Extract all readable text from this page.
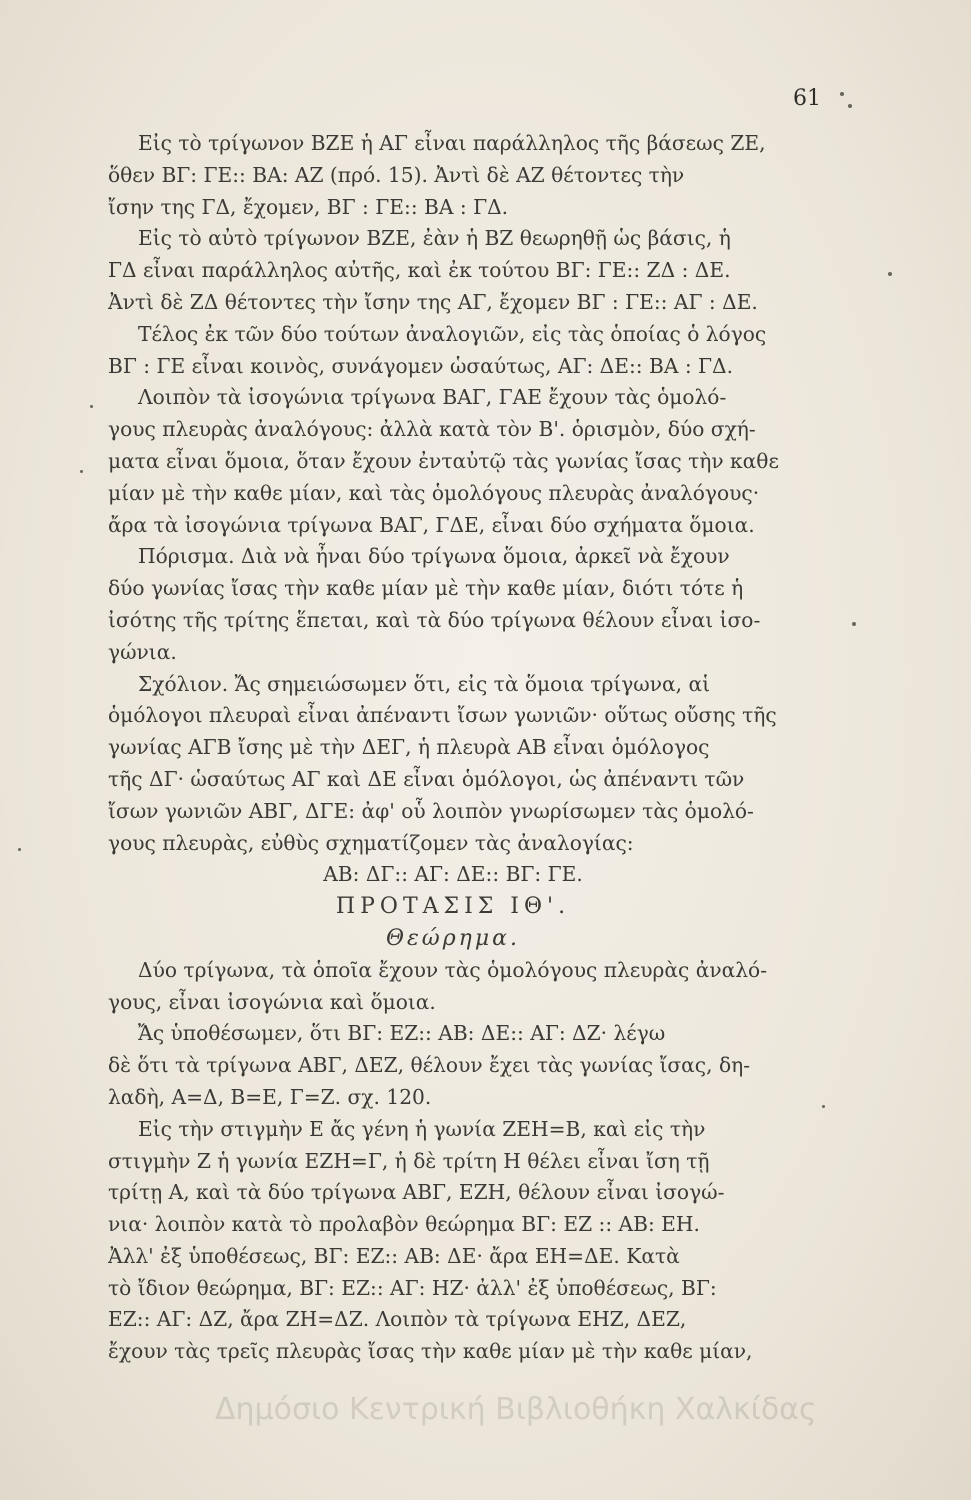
61
Εἰς τὸ τρίγωνον ΒΖΕ ἡ ΑΓ εἶναι παράλληλος τῆς βάσεως ΖΕ,
ὅθεν ΒΓ: ΓΕ:: ΒΑ: ΑΖ (πρό. 15). Ἀντὶ δὲ ΑΖ θέτοντες τὴν
ἴσην της ΓΔ, ἔχομεν, ΒΓ : ΓΕ:: ΒΑ : ΓΔ.
Εἰς τὸ αὐτὸ τρίγωνον ΒΖΕ, ἐὰν ἡ ΒΖ θεωρηθῇ ὡς βάσις, ἡ
ΓΔ εἶναι παράλληλος αὐτῆς, καὶ ἐκ τούτου ΒΓ: ΓΕ:: ΖΔ : ΔΕ.
Ἀντὶ δὲ ΖΔ θέτοντες τὴν ἴσην της ΑΓ, ἔχομεν ΒΓ : ΓΕ:: ΑΓ : ΔΕ.
Τέλος ἐκ τῶν δύο τούτων ἀναλογιῶν, εἰς τὰς ὁποίας ὁ λόγος
ΒΓ : ΓΕ εἶναι κοινὸς, συνάγομεν ὡσαύτως, ΑΓ: ΔΕ:: ΒΑ : ΓΔ.
Λοιπὸν τὰ ἰσογώνια τρίγωνα ΒΑΓ, ΓΑΕ ἔχουν τὰς ὁμολό-
γους πλευρὰς ἀναλόγους: ἀλλὰ κατὰ τὸν Β'. ὁρισμὸν, δύο σχή-
ματα εἶναι ὅμοια, ὅταν ἔχουν ἐνταὐτῷ τὰς γωνίας ἴσας τὴν καθε
μίαν μὲ τὴν καθε μίαν, καὶ τὰς ὁμολόγους πλευρὰς ἀναλόγους·
ἄρα τὰ ἰσογώνια τρίγωνα ΒΑΓ, ΓΔΕ, εἶναι δύο σχήματα ὅμοια.
Πόρισμα. Διὰ νὰ ἦναι δύο τρίγωνα ὅμοια, ἀρκεῖ νὰ ἔχουν
δύο γωνίας ἴσας τὴν καθε μίαν μὲ τὴν καθε μίαν, διότι τότε ἡ
ἰσότης τῆς τρίτης ἕπεται, καὶ τὰ δύο τρίγωνα θέλουν εἶναι ἰσο-
γώνια.
Σχόλιον. Ἄς σημειώσωμεν ὅτι, εἰς τὰ ὅμοια τρίγωνα, αἱ
ὁμόλογοι πλευραὶ εἶναι ἀπέναντι ἴσων γωνιῶν· οὕτως οὔσης τῆς
γωνίας ΑΓΒ ἴσης μὲ τὴν ΔΕΓ, ἡ πλευρὰ ΑΒ εἶναι ὁμόλογος
τῆς ΔΓ· ὡσαύτως ΑΓ καὶ ΔΕ εἶναι ὁμόλογοι, ὡς ἀπέναντι τῶν
ἴσων γωνιῶν ΑΒΓ, ΔΓΕ: ἀφ' οὗ λοιπὸν γνωρίσωμεν τὰς ὁμολό-
γους πλευρὰς, εὐθὺς σχηματίζομεν τὰς ἀναλογίας:
ΑΒ: ΔΓ:: ΑΓ: ΔΕ:: ΒΓ: ΓΕ.
ΠΡΟΤΑΣΙΣ ΙΘ'.
Θεώρημα.
Δύο τρίγωνα, τὰ ὁποῖα ἔχουν τὰς ὁμολόγους πλευρὰς ἀναλό-
γους, εἶναι ἰσογώνια καὶ ὅμοια.
Ἄς ὑποθέσωμεν, ὅτι ΒΓ: ΕΖ:: ΑΒ: ΔΕ:: ΑΓ: ΔΖ· λέγω
δὲ ὅτι τὰ τρίγωνα ΑΒΓ, ΔΕΖ, θέλουν ἔχει τὰς γωνίας ἴσας, δη-
λαδὴ, Α=Δ, Β=Ε, Γ=Ζ. σχ. 120.
Εἰς τὴν στιγμὴν Ε ἄς γένη ἡ γωνία ΖΕΗ=Β, καὶ εἰς τὴν
στιγμὴν Ζ ἡ γωνία ΕΖΗ=Γ, ἡ δὲ τρίτη Η θέλει εἶναι ἴση τῇ
τρίτῃ Α, καὶ τὰ δύο τρίγωνα ΑΒΓ, ΕΖΗ, θέλουν εἶναι ἰσογώ-
νια· λοιπὸν κατὰ τὸ προλαβὸν θεώρημα ΒΓ: ΕΖ :: ΑΒ: ΕΗ.
Ἀλλ' ἐξ ὑποθέσεως, ΒΓ: ΕΖ:: ΑΒ: ΔΕ· ἄρα ΕΗ=ΔΕ. Κατὰ
τὸ ἴδιον θεώρημα, ΒΓ: ΕΖ:: ΑΓ: ΗΖ· ἀλλ' ἐξ ὑποθέσεως, ΒΓ:
ΕΖ:: ΑΓ: ΔΖ, ἄρα ΖΗ=ΔΖ. Λοιπὸν τὰ τρίγωνα ΕΗΖ, ΔΕΖ,
ἔχουν τὰς τρεῖς πλευρὰς ἴσας τὴν καθε μίαν μὲ τὴν καθε μίαν,
Δημόσιο Κεντρική Βιβλιοθήκη Χαλκίδας
